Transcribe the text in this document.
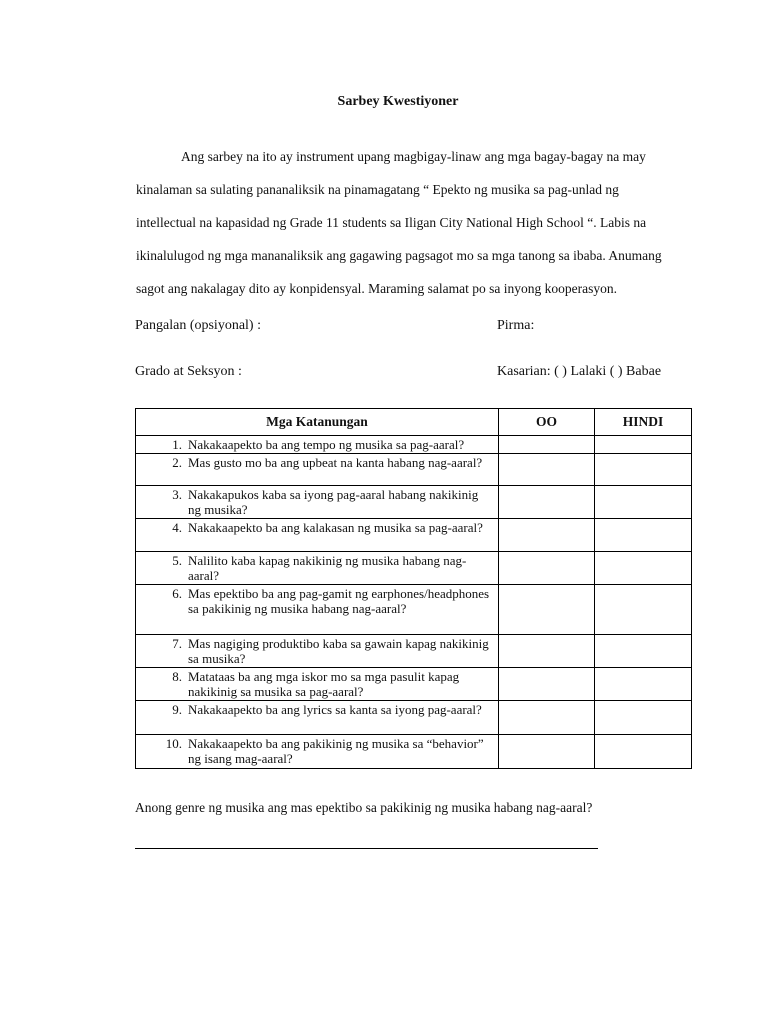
Sarbey Kwestiyoner
Ang sarbey na ito ay instrument upang magbigay-linaw ang mga bagay-bagay na may kinalaman sa sulating pananaliksik na pinamagatang “ Epekto ng musika sa pag-unlad ng intellectual na kapasidad ng Grade 11 students sa Iligan City National High School “. Labis na ikinalulugod ng mga mananaliksik ang gagawing pagsagot mo sa mga tanong sa ibaba. Anumang sagot ang nakalagay dito ay konpidensyal. Maraming salamat po sa inyong kooperasyon.
Pangalan (opsiyonal) :	Pirma:
Grado at Seksyon :	Kasarian: ( ) Lalaki ( ) Babae
Mga Katanungan	OO	HINDI

1. Nakakaapekto ba ang tempo ng musika sa pag-aaral?		

2. Mas gusto mo ba ang upbeat na kanta habang nag-aaral?		

3. Nakakapukos kaba sa iyong pag-aaral habang nakikinig ng musika?		

4. Nakakaapekto ba ang kalakasan ng musika sa pag-aaral?		

5. Nalilito kaba kapag nakikinig ng musika habang nag-aaral?		

6. Mas epektibo ba ang pag-gamit ng earphones/headphones sa pakikinig ng musika habang nag-aaral?		

7. Mas nagiging produktibo kaba sa gawain kapag nakikinig sa musika?		

8. Matataas ba ang mga iskor mo sa mga pasulit kapag nakikinig sa musika sa pag-aaral?		

9. Nakakaapekto ba ang lyrics sa kanta sa iyong pag-aaral?		

10. Nakakaapekto ba ang pakikinig ng musika sa “behavior” ng isang mag-aaral?		

Anong genre ng musika ang mas epektibo sa pakikinig ng musika habang nag-aaral?
